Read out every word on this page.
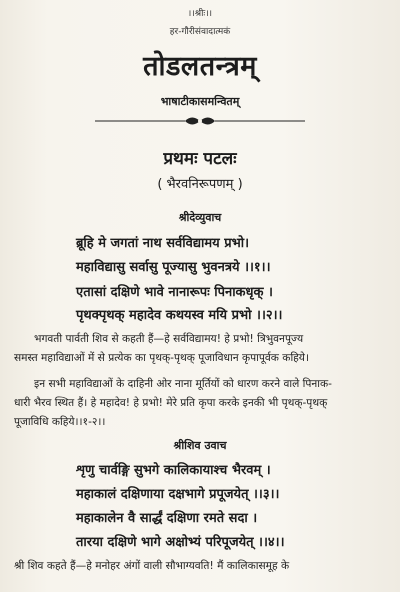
।।श्रीः।।
हर-गौरीसंवादात्मकं
तोडलतन्त्रम्
भाषाटीकासमन्वितम्
प्रथमः पटलः
( भैरवनिरूपणम् )
श्रीदेव्युवाच
ब्रूहि मे जगतां नाथ सर्वविद्यामय प्रभो।
महाविद्यासु सर्वासु पूज्यासु भुवनत्रये ।।१।।
एतासां दक्षिणे भावे नानारूपः पिनाकधृक् ।
पृथक्पृथक् महादेव कथयस्व मयि प्रभो ।।२।।
भगवती पार्वती शिव से कहती हैं—हे सर्वविद्यामय! हे प्रभो! त्रिभुवनपूज्य
समस्त महाविद्याओं में से प्रत्येक का पृथक्-पृथक् पूजाविधान कृपापूर्वक कहिये।
इन सभी महाविद्याओं के दाहिनी ओर नाना मूर्तियों को धारण करने वाले पिनाक-
धारी भैरव स्थित हैं। हे महादेव! हे प्रभो! मेरे प्रति कृपा करके इनकी भी पृथक्-पृथक्
पूजाविधि कहिये।।१-२।।
श्रीशिव उवाच
शृणु चार्वङ्गि सुभगे कालिकायाश्च भैरवम् ।
महाकालं दक्षिणाया दक्षभागे प्रपूजयेत् ।।३।।
महाकालेन वै सार्द्धं दक्षिणा रमते सदा ।
तारया दक्षिणे भागे अक्षोभ्यं परिपूजयेत् ।।४।।
श्री शिव कहते हैं—हे मनोहर अंगों वाली सौभाग्यवति! मैं कालिकासमूह के
